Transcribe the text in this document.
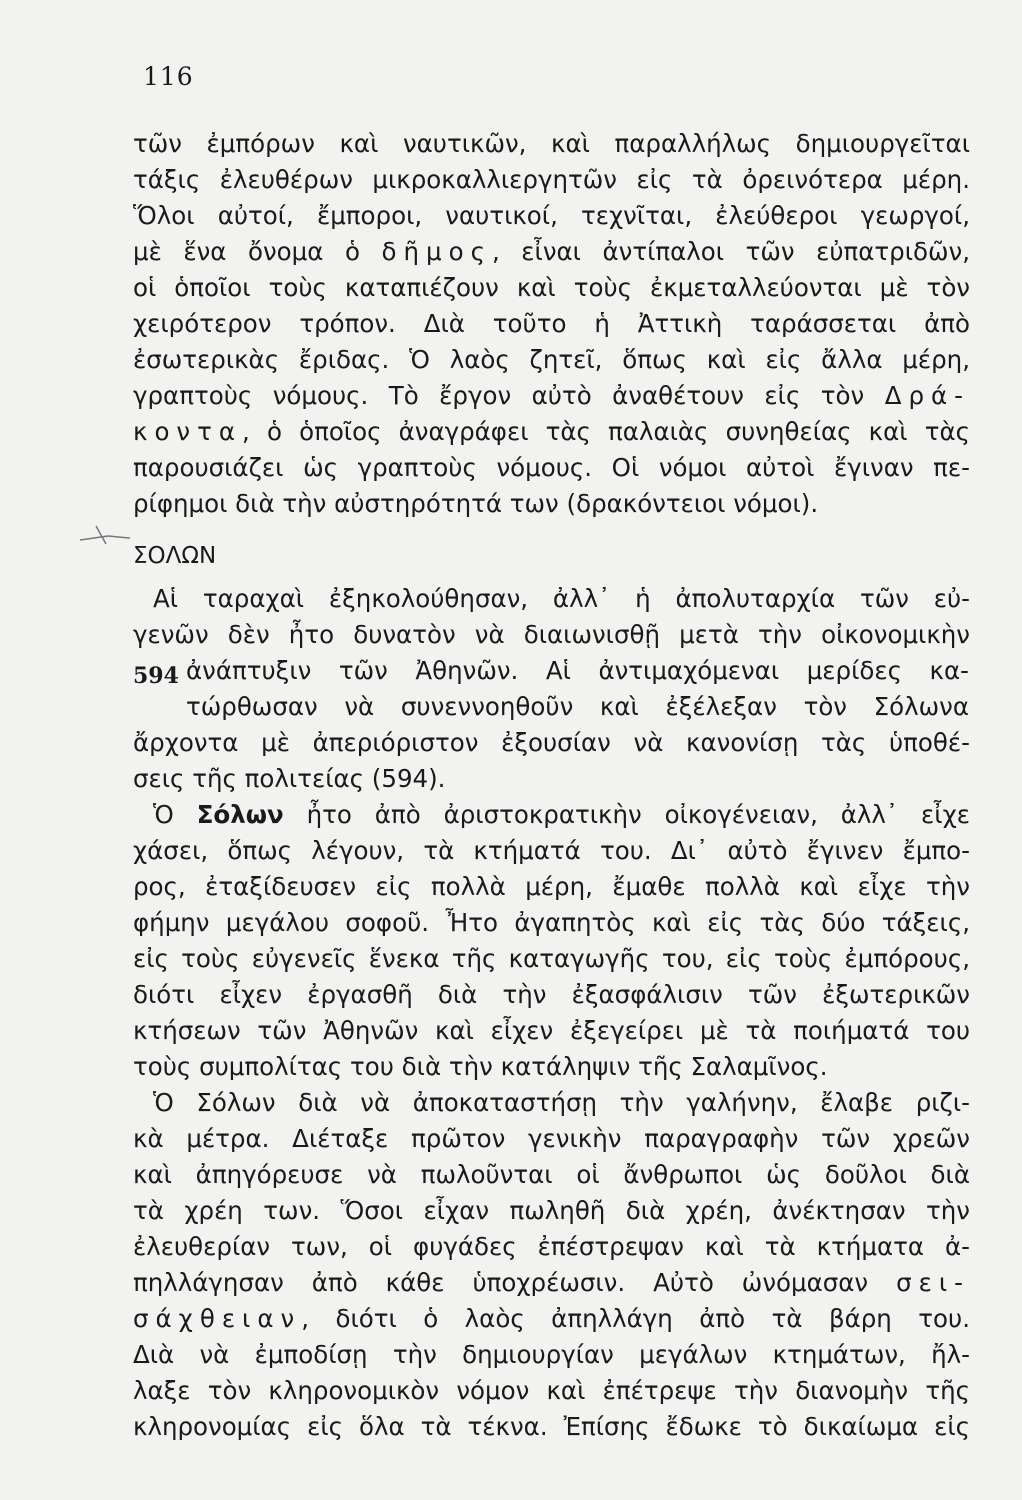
116
τῶν ἐμπόρων καὶ ναυτικῶν, καὶ παραλλήλως δημιουργεῖται
τάξις ἐλευθέρων μικροκαλλιεργητῶν εἰς τὰ ὀρεινότερα μέρη.
Ὅλοι αὐτοί, ἔμποροι, ναυτικοί, τεχνῖται, ἐλεύθεροι γεωργοί,
μὲ ἕνα ὄνομα ὁ δῆμος, εἶναι ἀντίπαλοι τῶν εὐπατριδῶν,
οἱ ὁποῖοι τοὺς καταπιέζουν καὶ τοὺς ἐκμεταλλεύονται μὲ τὸν
χειρότερον τρόπον. Διὰ τοῦτο ἡ Ἀττικὴ ταράσσεται ἀπὸ
ἐσωτερικὰς ἔριδας. Ὁ λαὸς ζητεῖ, ὅπως καὶ εἰς ἄλλα μέρη,
γραπτοὺς νόμους. Τὸ ἔργον αὐτὸ ἀναθέτουν εἰς τὸν Δρά-
κοντα, ὁ ὁποῖος ἀναγράφει τὰς παλαιὰς συνηθείας καὶ τὰς
παρουσιάζει ὡς γραπτοὺς νόμους. Οἱ νόμοι αὐτοὶ ἔγιναν πε-
ρίφημοι διὰ τὴν αὐστηρότητά των (δρακόντειοι νόμοι).
ΣΟΛΩΝ
Αἱ ταραχαὶ ἐξηκολούθησαν, ἀλλ᾽ ἡ ἀπολυταρχία τῶν εὐ-
γενῶν δὲν ἦτο δυνατὸν νὰ διαιωνισθῇ μετὰ τὴν οἰκονομικὴν
ἀνάπτυξιν τῶν Ἀθηνῶν. Αἱ ἀντιμαχόμεναι μερίδες κα-
594
τώρθωσαν νὰ συνεννοηθοῦν καὶ ἐξέλεξαν τὸν Σόλωνα
ἄρχοντα μὲ ἀπεριόριστον ἐξουσίαν νὰ κανονίσῃ τὰς ὑποθέ-
σεις τῆς πολιτείας (594).
Ὁ Σόλων ἦτο ἀπὸ ἀριστοκρατικὴν οἰκογένειαν, ἀλλ᾽ εἶχε
χάσει, ὅπως λέγουν, τὰ κτήματά του. Δι᾽ αὐτὸ ἔγινεν ἔμπο-
ρος, ἐταξίδευσεν εἰς πολλὰ μέρη, ἔμαθε πολλὰ καὶ εἶχε τὴν
φήμην μεγάλου σοφοῦ. Ἦτο ἀγαπητὸς καὶ εἰς τὰς δύο τάξεις,
εἰς τοὺς εὐγενεῖς ἕνεκα τῆς καταγωγῆς του, εἰς τοὺς ἐμπόρους,
διότι εἶχεν ἐργασθῆ διὰ τὴν ἐξασφάλισιν τῶν ἐξωτερικῶν
κτήσεων τῶν Ἀθηνῶν καὶ εἶχεν ἐξεγείρει μὲ τὰ ποιήματά του
τοὺς συμπολίτας του διὰ τὴν κατάληψιν τῆς Σαλαμῖνος.
Ὁ Σόλων διὰ νὰ ἀποκαταστήσῃ τὴν γαλήνην, ἔλαβε ριζι-
κὰ μέτρα. Διέταξε πρῶτον γενικὴν παραγραφὴν τῶν χρεῶν
καὶ ἀπηγόρευσε νὰ πωλοῦνται οἱ ἄνθρωποι ὡς δοῦλοι διὰ
τὰ χρέη των. Ὅσοι εἶχαν πωληθῆ διὰ χρέη, ἀνέκτησαν τὴν
ἐλευθερίαν των, οἱ φυγάδες ἐπέστρεψαν καὶ τὰ κτήματα ἀ-
πηλλάγησαν ἀπὸ κάθε ὑποχρέωσιν. Αὐτὸ ὠνόμασαν σει-
σάχθειαν, διότι ὁ λαὸς ἀπηλλάγη ἀπὸ τὰ βάρη του.
Διὰ νὰ ἐμποδίσῃ τὴν δημιουργίαν μεγάλων κτημάτων, ἤλ-
λαξε τὸν κληρονομικὸν νόμον καὶ ἐπέτρεψε τὴν διανομὴν τῆς
κληρονομίας εἰς ὅλα τὰ τέκνα. Ἐπίσης ἔδωκε τὸ δικαίωμα εἰς
